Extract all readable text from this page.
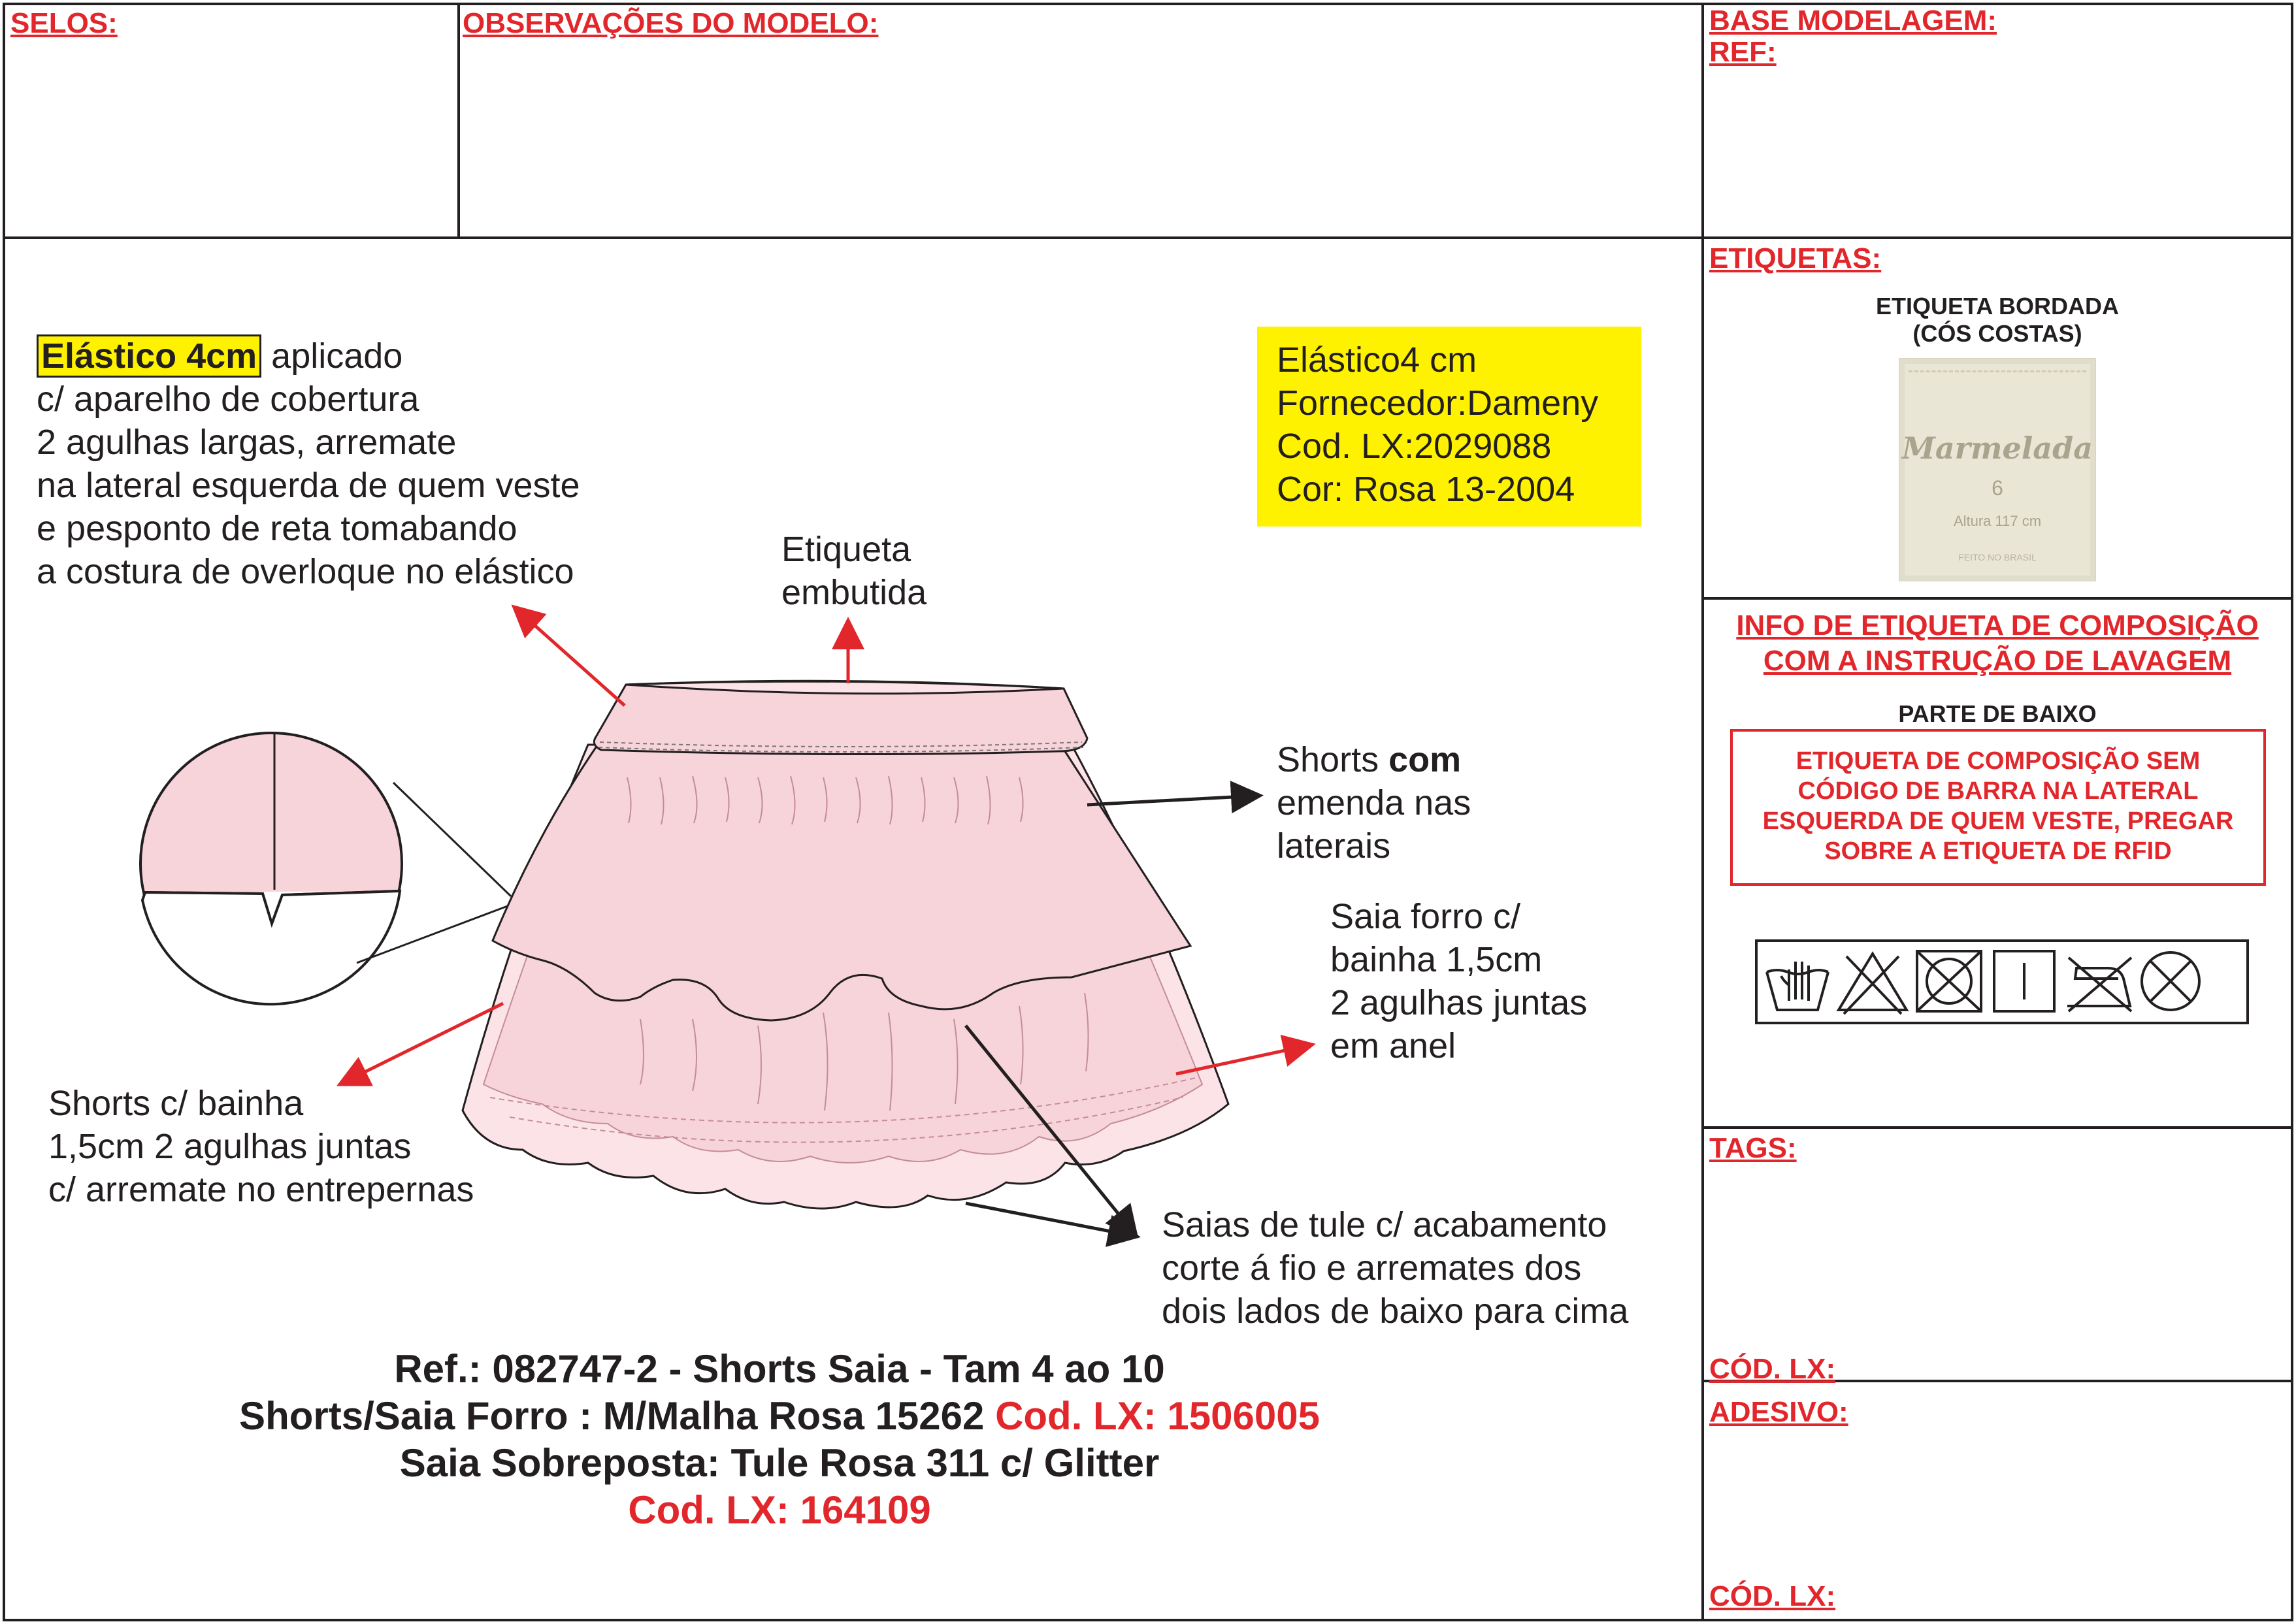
SELOS:	OBSERVAÇÕES DO MODELO:	BASE MODELAGEM:
REF:
ETIQUETAS:
INFO DE ETIQUETA DE COMPOSIÇÃO
COM A INSTRUÇÃO DE LAVAGEM
TAGS:
CÓD. LX:
ADESIVO:
CÓD. LX:
ETIQUETA BORDADA
(CÓS COSTAS)
Marmelada
6
Altura 117 cm
FEITO NO BRASIL
PARTE DE BAIXO
ETIQUETA DE COMPOSIÇÃO SEM
CÓDIGO DE BARRA NA LATERAL
ESQUERDA DE QUEM VESTE, PREGAR
SOBRE A ETIQUETA DE RFID
Elástico 4cm aplicado
c/ aparelho de cobertura
2 agulhas largas, arremate
na lateral esquerda de quem veste
e pesponto de reta tomabando
a costura de overloque no elástico
Etiqueta
embutida
Elástico4 cm
Fornecedor:Dameny
Cod. LX:2029088
Cor: Rosa 13-2004
Shorts com
emenda nas
laterais
Saia forro c/
bainha 1,5cm
2 agulhas juntas
em anel
Shorts c/ bainha
1,5cm 2 agulhas juntas
c/ arremate no entrepernas
Saias de tule c/ acabamento
corte á fio e arremates dos
dois lados de baixo para cima
Ref.: 082747-2 - Shorts Saia - Tam 4 ao 10
Shorts/Saia Forro : M/Malha Rosa 15262 Cod. LX: 1506005
Saia Sobreposta: Tule Rosa 311 c/ Glitter
Cod. LX: 164109
